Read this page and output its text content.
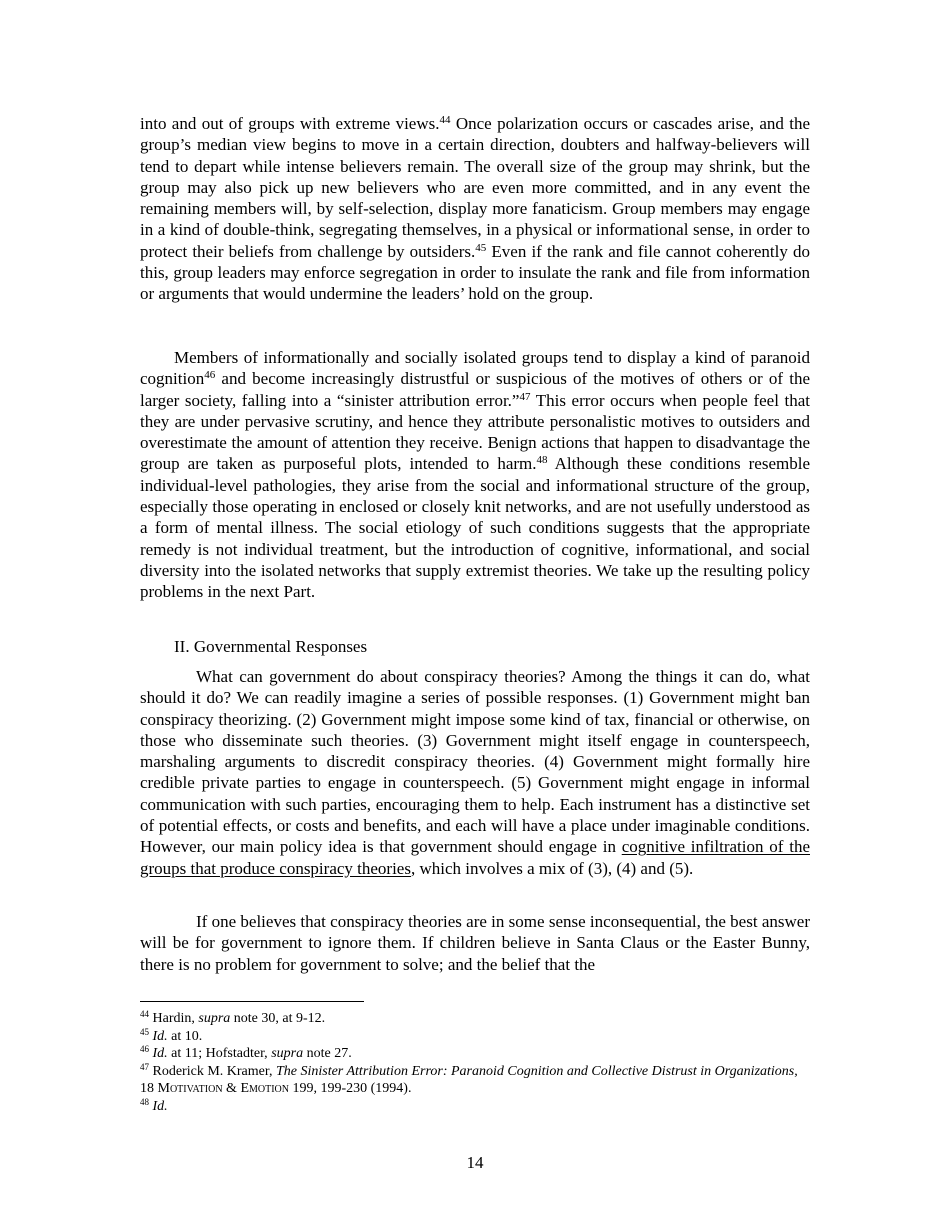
into and out of groups with extreme views.$^{44}$ Once polarization occurs or cascades arise, and the group’s median view begins to move in a certain direction, doubters and halfway-believers will tend to depart while intense believers remain. The overall size of the group may shrink, but the group may also pick up new believers who are even more committed, and in any event the remaining members will, by self-selection, display more fanaticism. Group members may engage in a kind of double-think, segregating themselves, in a physical or informational sense, in order to protect their beliefs from challenge by outsiders.$^{45}$ Even if the rank and file cannot coherently do this, group leaders may enforce segregation in order to insulate the rank and file from information or arguments that would undermine the leaders’ hold on the group.

Members of informationally and socially isolated groups tend to display a kind of paranoid cognition$^{46}$ and become increasingly distrustful or suspicious of the motives of others or of the larger society, falling into a “sinister attribution error.”$^{47}$ This error occurs when people feel that they are under pervasive scrutiny, and hence they attribute personalistic motives to outsiders and overestimate the amount of attention they receive. Benign actions that happen to disadvantage the group are taken as purposeful plots, intended to harm.$^{48}$ Although these conditions resemble individual-level pathologies, they arise from the social and informational structure of the group, especially those operating in enclosed or closely knit networks, and are not usefully understood as a form of mental illness. The social etiology of such conditions suggests that the appropriate remedy is not individual treatment, but the introduction of cognitive, informational, and social diversity into the isolated networks that supply extremist theories. We take up the resulting policy problems in the next Part.

II. Governmental Responses

What can government do about conspiracy theories? Among the things it can do, what should it do? We can readily imagine a series of possible responses. (1) Government might ban conspiracy theorizing. (2) Government might impose some kind of tax, financial or otherwise, on those who disseminate such theories. (3) Government might itself engage in counterspeech, marshaling arguments to discredit conspiracy theories. (4) Government might formally hire credible private parties to engage in counterspeech. (5) Government might engage in informal communication with such parties, encouraging them to help. Each instrument has a distinctive set of potential effects, or costs and benefits, and each will have a place under imaginable conditions. However, our main policy idea is that government should engage in cognitive infiltration of the groups that produce conspiracy theories, which involves a mix of (3), (4) and (5).

If one believes that conspiracy theories are in some sense inconsequential, the best answer will be for government to ignore them. If children believe in Santa Claus or the Easter Bunny, there is no problem for government to solve; and the belief that the

$^{44}$ Hardin, supra note 30, at 9-12.
$^{45}$ Id. at 10.
$^{46}$ Id. at 11; Hofstadter, supra note 27.
$^{47}$ Roderick M. Kramer, The Sinister Attribution Error: Paranoid Cognition and Collective Distrust in Organizations, 18 Motivation & Emotion 199, 199-230 (1994).
$^{48}$ Id.
14
